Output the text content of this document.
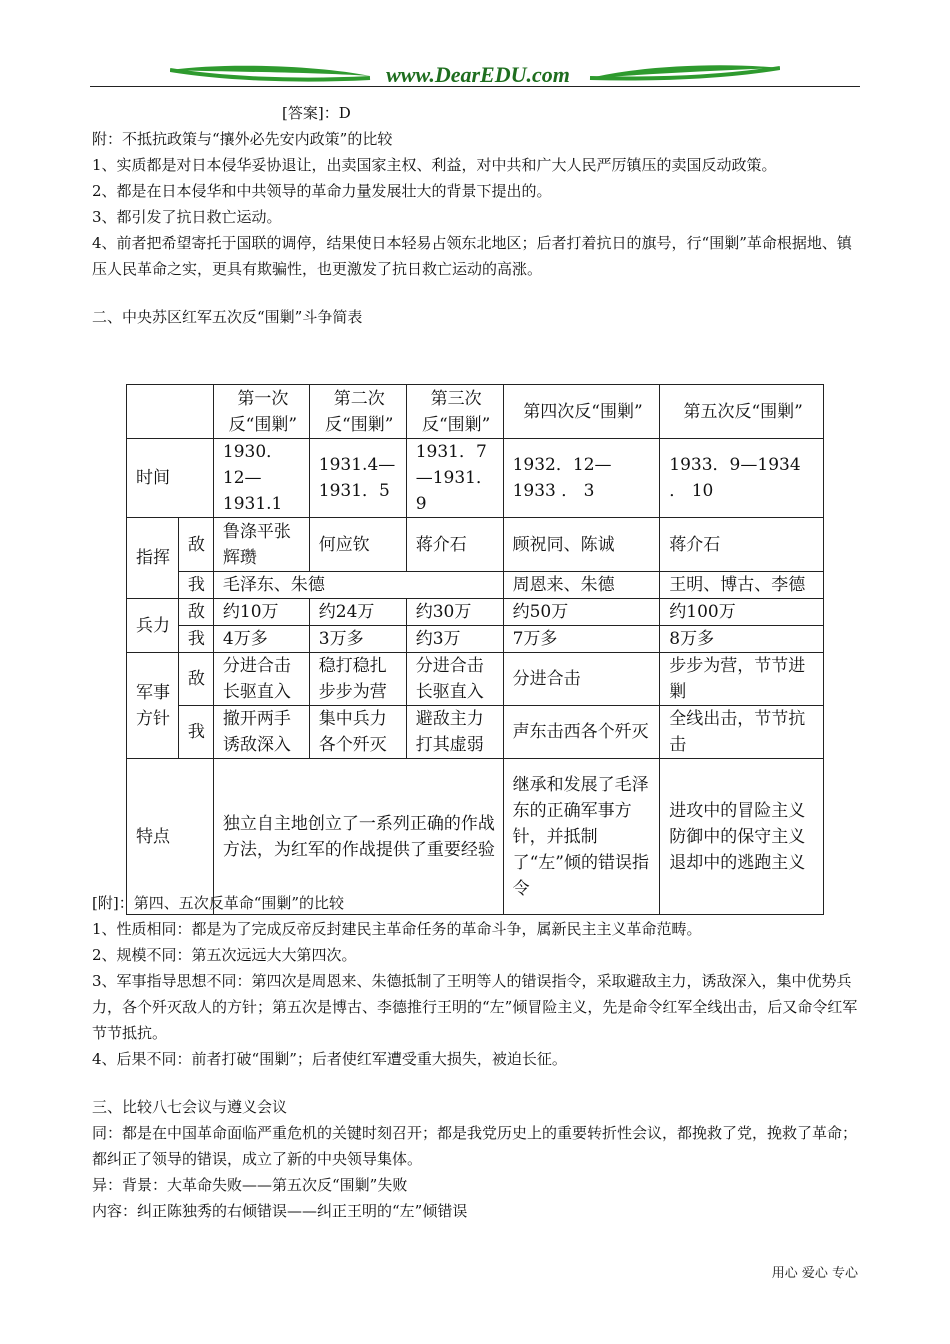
www.DearEDU.com

[答案]：D

附：不抵抗政策与“攘外必先安内政策”的比较

1、实质都是对日本侵华妥协退让，出卖国家主权、利益，对中共和广大人民严厉镇压的卖国反动政策。

2、都是在日本侵华和中共领导的革命力量发展壮大的背景下提出的。

3、都引发了抗日救亡运动。

4、前者把希望寄托于国联的调停，结果使日本轻易占领东北地区；后者打着抗日的旗号，行“围剿”革命根据地、镇压人民革命之实，更具有欺骗性，也更激发了抗日救亡运动的高涨。

二、中央苏区红军五次反“围剿”斗争简表

		第一次反“围剿”	第二次反“围剿”	第三次反“围剿”	第四次反“围剿”	第五次反“围剿”
时间		1930．12—1931.1	1931.4—1931．5	1931．7—1931．9	1932．12—1933 ． 3	1933．9—1934 ． 10
指挥	敌	鲁涤平张辉瓒	何应钦	蒋介石	顾祝同、陈诚	蒋介石
	我	毛泽东、朱德			周恩来、朱德	王明、博古、李德
兵力	敌	约10万	约24万	约30万	约50万	约100万
	我	4万多	3万多	约3万	7万多	8万多
军事方针	敌	分进合击长驱直入	稳打稳扎步步为营	分进合击长驱直入	分进合击	步步为营，节节进剿
	我	撤开两手诱敌深入	集中兵力各个歼灭	避敌主力打其虚弱	声东击西各个歼灭	全线出击，节节抗击
特点		独立自主地创立了一系列正确的作战方法，为红军的作战提供了重要经验			继承和发展了毛泽东的正确军事方针，并抵制了“左”倾的错误指令	进攻中的冒险主义防御中的保守主义退却中的逃跑主义

[附]：第四、五次反革命“围剿”的比较

1、性质相同：都是为了完成反帝反封建民主革命任务的革命斗争，属新民主主义革命范畴。

2、规模不同：第五次远远大大第四次。

3、军事指导思想不同：第四次是周恩来、朱德抵制了王明等人的错误指令，采取避敌主力，诱敌深入，集中优势兵力，各个歼灭敌人的方针；第五次是博古、李德推行王明的“左”倾冒险主义，先是命令红军全线出击，后又命令红军节节抵抗。

4、后果不同：前者打破“围剿”；后者使红军遭受重大损失，被迫长征。

三、比较八七会议与遵义会议

同：都是在中国革命面临严重危机的关键时刻召开；都是我党历史上的重要转折性会议，都挽救了党，挽救了革命；都纠正了领导的错误，成立了新的中央领导集体。

异：背景：大革命失败——第五次反“围剿”失败

内容：纠正陈独秀的右倾错误——纠正王明的“左”倾错误

用心 爱心 专心
